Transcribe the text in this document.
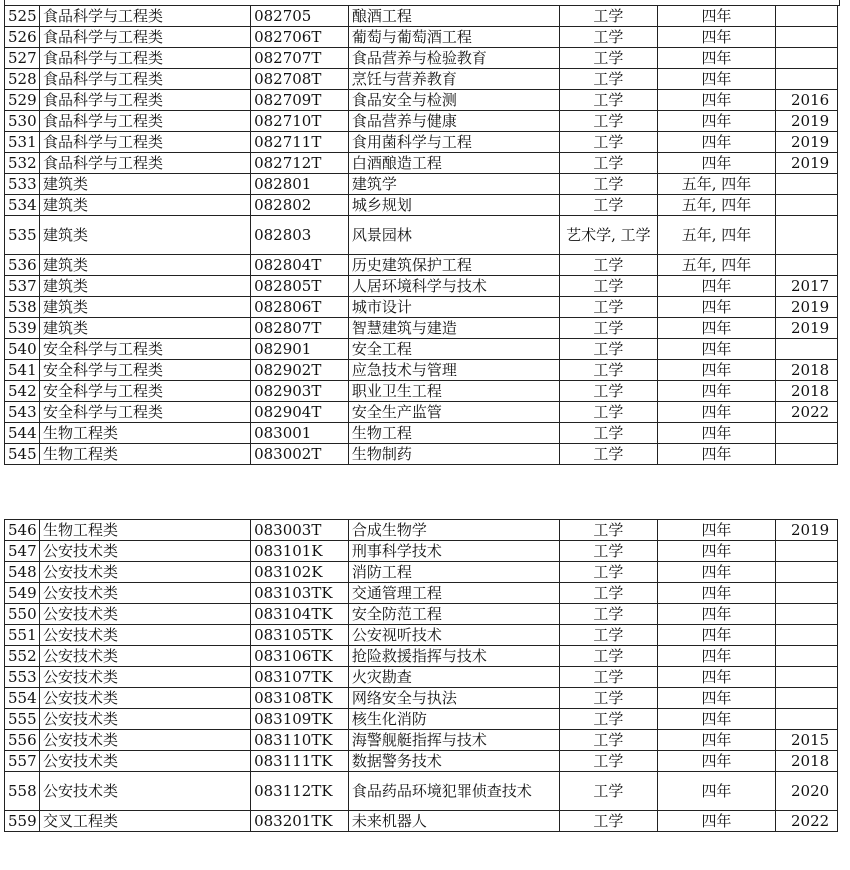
525	食品科学与工程类	082705	酿酒工程	工学	四年	
526	食品科学与工程类	082706T	葡萄与葡萄酒工程	工学	四年	
527	食品科学与工程类	082707T	食品营养与检验教育	工学	四年	
528	食品科学与工程类	082708T	烹饪与营养教育	工学	四年	
529	食品科学与工程类	082709T	食品安全与检测	工学	四年	2016
530	食品科学与工程类	082710T	食品营养与健康	工学	四年	2019
531	食品科学与工程类	082711T	食用菌科学与工程	工学	四年	2019
532	食品科学与工程类	082712T	白酒酿造工程	工学	四年	2019
533	建筑类	082801	建筑学	工学	五年, 四年	
534	建筑类	082802	城乡规划	工学	五年, 四年	
535	建筑类	082803	风景园林	艺术学, 工学	五年, 四年	
536	建筑类	082804T	历史建筑保护工程	工学	五年, 四年	
537	建筑类	082805T	人居环境科学与技术	工学	四年	2017
538	建筑类	082806T	城市设计	工学	四年	2019
539	建筑类	082807T	智慧建筑与建造	工学	四年	2019
540	安全科学与工程类	082901	安全工程	工学	四年	
541	安全科学与工程类	082902T	应急技术与管理	工学	四年	2018
542	安全科学与工程类	082903T	职业卫生工程	工学	四年	2018
543	安全科学与工程类	082904T	安全生产监管	工学	四年	2022
544	生物工程类	083001	生物工程	工学	四年	
545	生物工程类	083002T	生物制药	工学	四年	
546	生物工程类	083003T	合成生物学	工学	四年	2019
547	公安技术类	083101K	刑事科学技术	工学	四年	
548	公安技术类	083102K	消防工程	工学	四年	
549	公安技术类	083103TK	交通管理工程	工学	四年	
550	公安技术类	083104TK	安全防范工程	工学	四年	
551	公安技术类	083105TK	公安视听技术	工学	四年	
552	公安技术类	083106TK	抢险救援指挥与技术	工学	四年	
553	公安技术类	083107TK	火灾勘查	工学	四年	
554	公安技术类	083108TK	网络安全与执法	工学	四年	
555	公安技术类	083109TK	核生化消防	工学	四年	
556	公安技术类	083110TK	海警舰艇指挥与技术	工学	四年	2015
557	公安技术类	083111TK	数据警务技术	工学	四年	2018
558	公安技术类	083112TK	食品药品环境犯罪侦查技术	工学	四年	2020
559	交叉工程类	083201TK	未来机器人	工学	四年	2022
